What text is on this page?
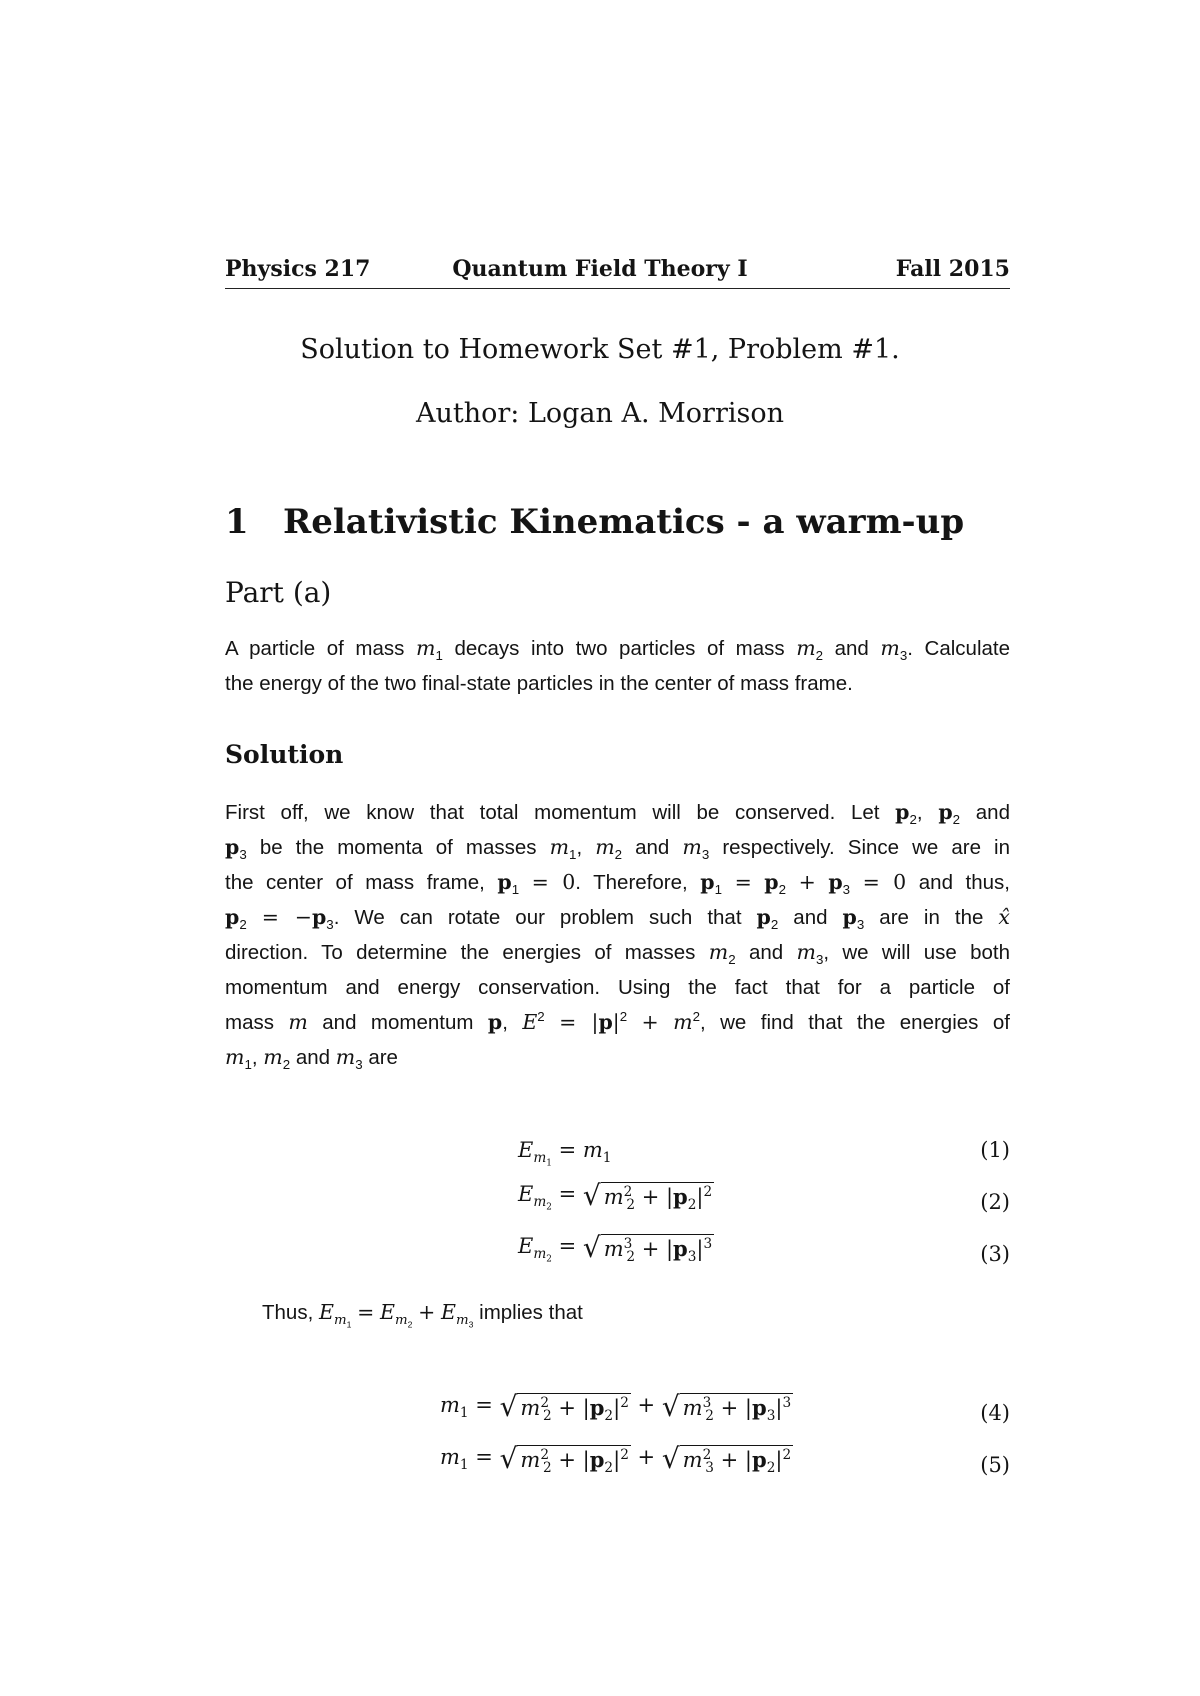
Physics 217	Quantum Field Theory I	Fall 2015
Solution to Homework Set #1, Problem #1.
Author: Logan A. Morrison
1 Relativistic Kinematics - a warm-up
Part (a)
A particle of mass $m_1$ decays into two particles of mass $m_2$ and $m_3$. Calculate
the energy of the two final-state particles in the center of mass frame.
Solution
First off, we know that total momentum will be conserved. Let $p_2$, $p_2$ and
$p_3$ be the momenta of masses $m_1$, $m_2$ and $m_3$ respectively. Since we are in
the center of mass frame, $p_1 = 0$. Therefore, $p_1 = p_2 + p_3 = 0$ and thus,
$p_2 = -p_3$. We can rotate our problem such that $p_2$ and $p_3$ are in the x̂
direction. To determine the energies of masses $m_2$ and $m_3$, we will use both
momentum and energy conservation. Using the fact that for a particle of
mass m and momentum p, $E^2 = |p|^2 + m^2$, we find that the energies of
$m_1$, $m_2$ and $m_3$ are
$E_{m_1} = m_1$	(1)
$E_{m_2}$ = √ $m^2_2 + |p_2|^2$	(2)
$E_{m_2}$ = √ $m^3_2 + |p_3|^3$	(3)
Thus, $E_{m_1} = E_{m_2} + E_{m_3}$ implies that
$m_1$ = √ $m^2_2 + |p_2|^2$ + √ $m^3_2 + |p_3|^3$	(4)
$m_1$ = √ $m^2_2 + |p_2|^2$ + √ $m^2_3 + |p_2|^2$	(5)
